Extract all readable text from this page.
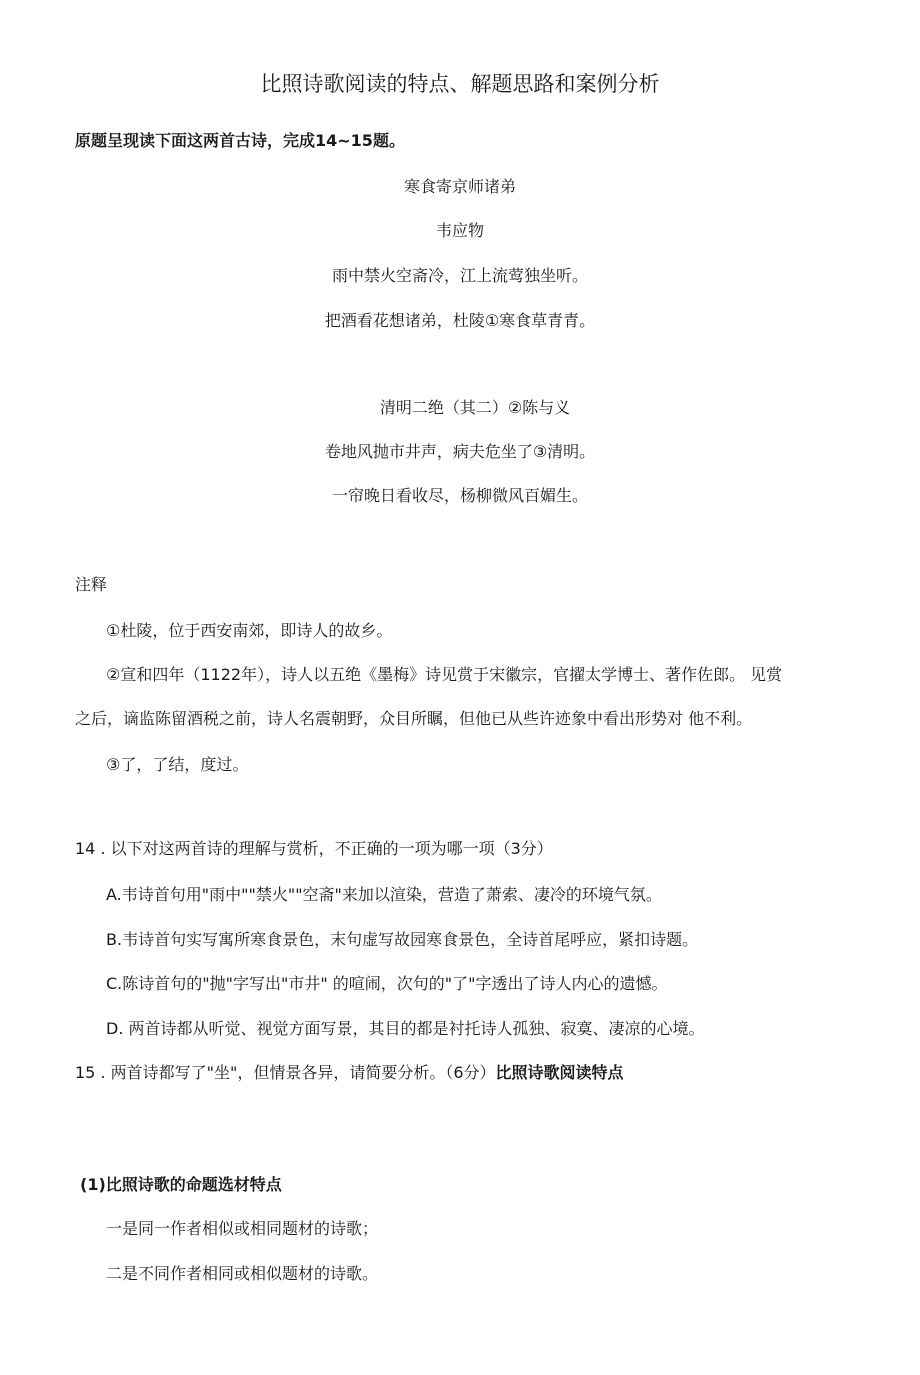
比照诗歌阅读的特点、解题思路和案例分析
原题呈现读下面这两首古诗，完成14~15题。
寒食寄京师诸弟
韦应物
雨中禁火空斋冷，江上流莺独坐听。
把酒看花想诸弟，杜陵①寒食草青青。
清明二绝（其二）②陈与义
卷地风抛市井声，病夫危坐了③清明。
一帘晚日看收尽，杨柳微风百媚生。
注释
①杜陵，位于西安南郊，即诗人的故乡。
②宣和四年（1122年），诗人以五绝《墨梅》诗见赏于宋徽宗，官擢太学博士、著作佐郎。 见赏
之后，谪监陈留酒税之前，诗人名震朝野，众目所瞩，但他已从些许迹象中看出形势对 他不利。
③了，了结，度过。
14 . 以下对这两首诗的理解与赏析，不正确的一项为哪一项（3分）
A.韦诗首句用"雨中""禁火""空斋"来加以渲染，营造了萧索、凄冷的环境气氛。
B.韦诗首句实写寓所寒食景色，末句虚写故园寒食景色，全诗首尾呼应，紧扣诗题。
C.陈诗首句的"抛"字写出"市井" 的喧闹，次句的"了"字透出了诗人内心的遗憾。
D. 两首诗都从听觉、视觉方面写景，其目的都是衬托诗人孤独、寂寞、凄凉的心境。
15 . 两首诗都写了"坐"，但情景各异，请简要分析。（6分）比照诗歌阅读特点
(1)比照诗歌的命题选材特点
一是同一作者相似或相同题材的诗歌；
二是不同作者相同或相似题材的诗歌。
